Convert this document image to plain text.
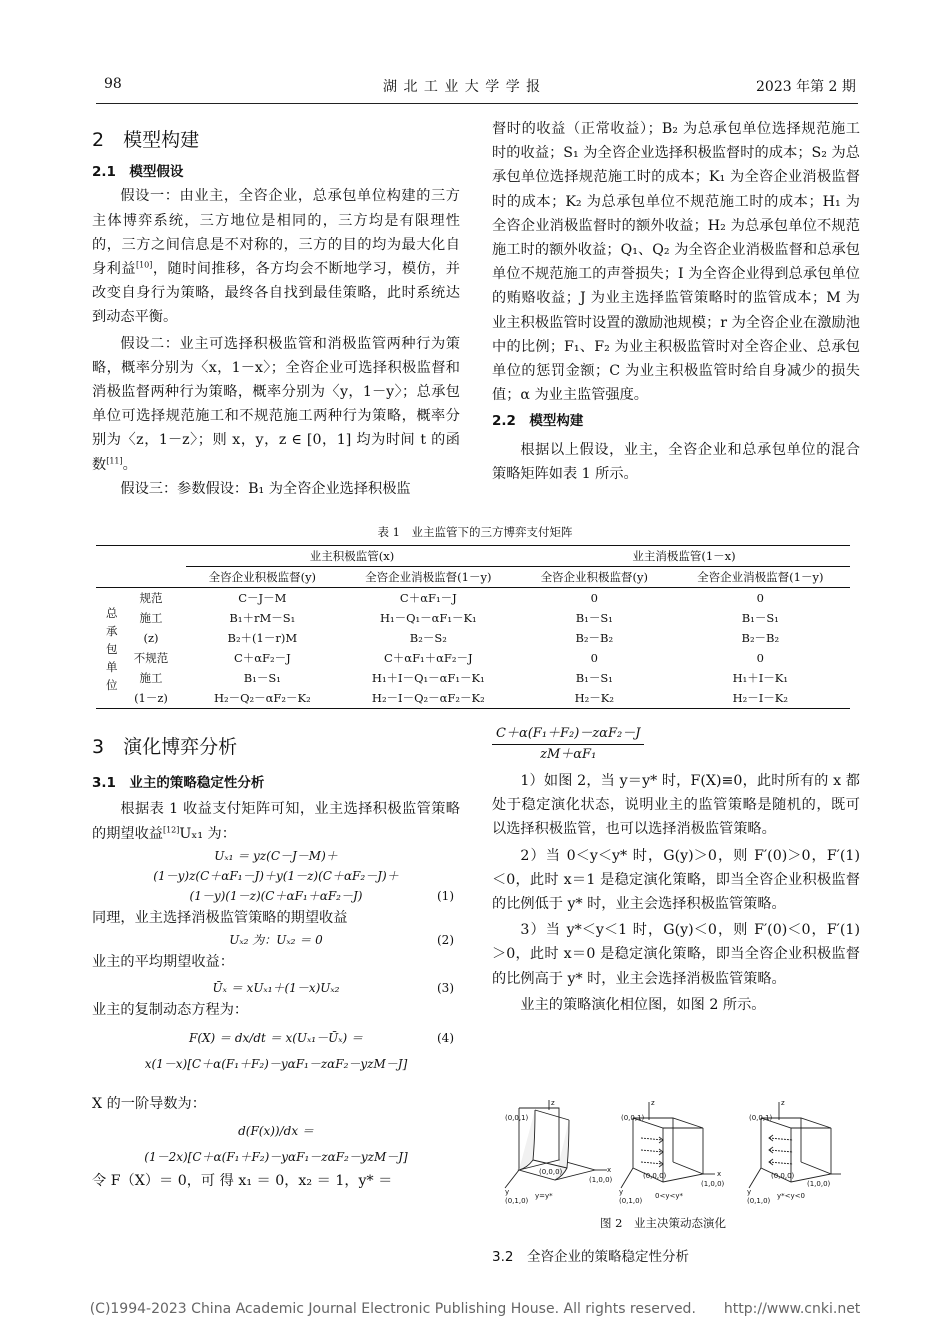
98	湖 北 工 业 大 学 学 报	2023 年第 2 期
2　模型构建
2.1　模型假设

假设一：由业主，全咨企业，总承包单位构建的三方主体博弈系统，三方地位是相同的，三方均是有限理性的，三方之间信息是不对称的，三方的目的均为最大化自身利益[10]，随时间推移，各方均会不断地学习，模仿，并改变自身行为策略，最终各自找到最佳策略，此时系统达到动态平衡。

假设二：业主可选择积极监管和消极监管两种行为策略，概率分别为〈x，1－x〉；全咨企业可选择积极监督和消极监督两种行为策略，概率分别为〈y，1－y〉；总承包单位可选择规范施工和不规范施工两种行为策略，概率分别为〈z，1－z〉；则 x，y，z ∈ [0，1] 均为时间 t 的函数[11]。

假设三：参数假设：B₁ 为全咨企业选择积极监

督时的收益（正常收益）；B₂ 为总承包单位选择规范施工时的收益；S₁ 为全咨企业选择积极监督时的成本；S₂ 为总承包单位选择规范施工时的成本；K₁ 为全咨企业消极监督时的成本；K₂ 为总承包单位不规范施工时的成本；H₁ 为全咨企业消极监督时的额外收益；H₂ 为总承包单位不规范施工时的额外收益；Q₁、Q₂ 为全咨企业消极监督和总承包单位不规范施工的声誉损失；I 为全咨企业得到总承包单位的贿赂收益；J 为业主选择监管策略时的监管成本；M 为业主积极监管时设置的激励池规模；r 为全咨企业在激励池中的比例；F₁、F₂ 为业主积极监管时对全咨企业、总承包单位的惩罚金额；C 为业主积极监管时给自身减少的损失值；α 为业主监管强度。

2.2　模型构建

根据以上假设，业主，全咨企业和总承包单位的混合策略矩阵如表 1 所示。

表 1　业主监管下的三方博弈支付矩阵
	业主积极监管(x)		业主消极监管(1－x)	
	全咨企业积极监督(y)	全咨企业消极监督(1－y)	全咨企业积极监督(y)	全咨企业消极监督(1－y)
规范	C－J－M	C＋αF₁－J	0	0
施工	B₁＋rM－S₁	H₁－Q₁－αF₁－K₁	B₁－S₁	B₁－S₁
(z)	B₂＋(1－r)M	B₂－S₂	B₂－B₂	B₂－B₂
不规范	C＋αF₂－J	C＋αF₁＋αF₂－J	0	0
施工	B₁－S₁	H₁＋I－Q₁－αF₁－K₁	B₁－S₁	H₁＋I－K₁
(1－z)	H₂－Q₂－αF₂－K₂	H₂－I－Q₂－αF₂－K₂	H₂－K₂	H₂－I－K₂
总承包单位
3　演化博弈分析
3.1　业主的策略稳定性分析

根据表 1 收益支付矩阵可知，业主选择积极监管策略的期望收益[12]Uₓ₁ 为：

Uₓ₁ ＝ yz(C－J－M)＋
(1－y)z(C＋αF₁－J)＋y(1－z)(C＋αF₂－J)＋
(1－y)(1－z)(C＋αF₁＋αF₂－J)	(1)

同理，业主选择消极监管策略的期望收益

Uₓ₂ 为：Uₓ₂ ＝ 0	(2)

业主的平均期望收益：

Ūₓ ＝ xUₓ₁＋(1－x)Uₓ₂	(3)

业主的复制动态方程为：

F(X) ＝ dx/dt ＝ x(Uₓ₁－Ūₓ) ＝
x(1－x)[C＋α(F₁＋F₂)－yαF₁－zαF₂－yzM－J]
(4)

X 的一阶导数为：

d(F(x))/dx ＝
(1－2x)[C＋α(F₁＋F₂)－yαF₁－zαF₂－yzM－J]

令 F（X）＝ 0，可 得 x₁ ＝ 0，x₂ ＝ 1，y* ＝

$\frac{\text{C＋α(F₁＋F₂)－zαF₂－J}}{\text{zM＋αF₁}}$

1）如图 2，当 y＝y* 时，F(X)≡0，此时所有的 x 都处于稳定演化状态，说明业主的监管策略是随机的，既可以选择积极监管，也可以选择消极监管策略。

2）当 0＜y＜y* 时，G(y)＞0，则 F′(0)＞0，F′(1)＜0，此时 x＝1 是稳定演化策略，即当全咨企业积极监督的比例低于 y* 时，业主会选择积极监管策略。

3）当 y*＜y＜1 时，G(y)＜0，则 F′(0)＜0，F′(1)＞0，此时 x＝0 是稳定演化策略，即当全咨企业积极监督的比例高于 y* 时，业主会选择消极监管策略。

业主的策略演化相位图，如图 2 所示。

z
(0,0,1)
(0,0,0)
(1,0,0)
x
y
(0,1,0)
y=y*
z
(0,0,1)
(0,0,0)
(1,0,0)
x
y
(0,1,0)
0<y<y*
z
(0,0,1)
(0,0,0)
(1,0,0)
y
(0,1,0)
y*<y<0
图 2　业主决策动态演化
3.2　全咨企业的策略稳定性分析
(C)1994-2023 China Academic Journal Electronic Publishing House. All rights reserved.　　http://www.cnki.net
